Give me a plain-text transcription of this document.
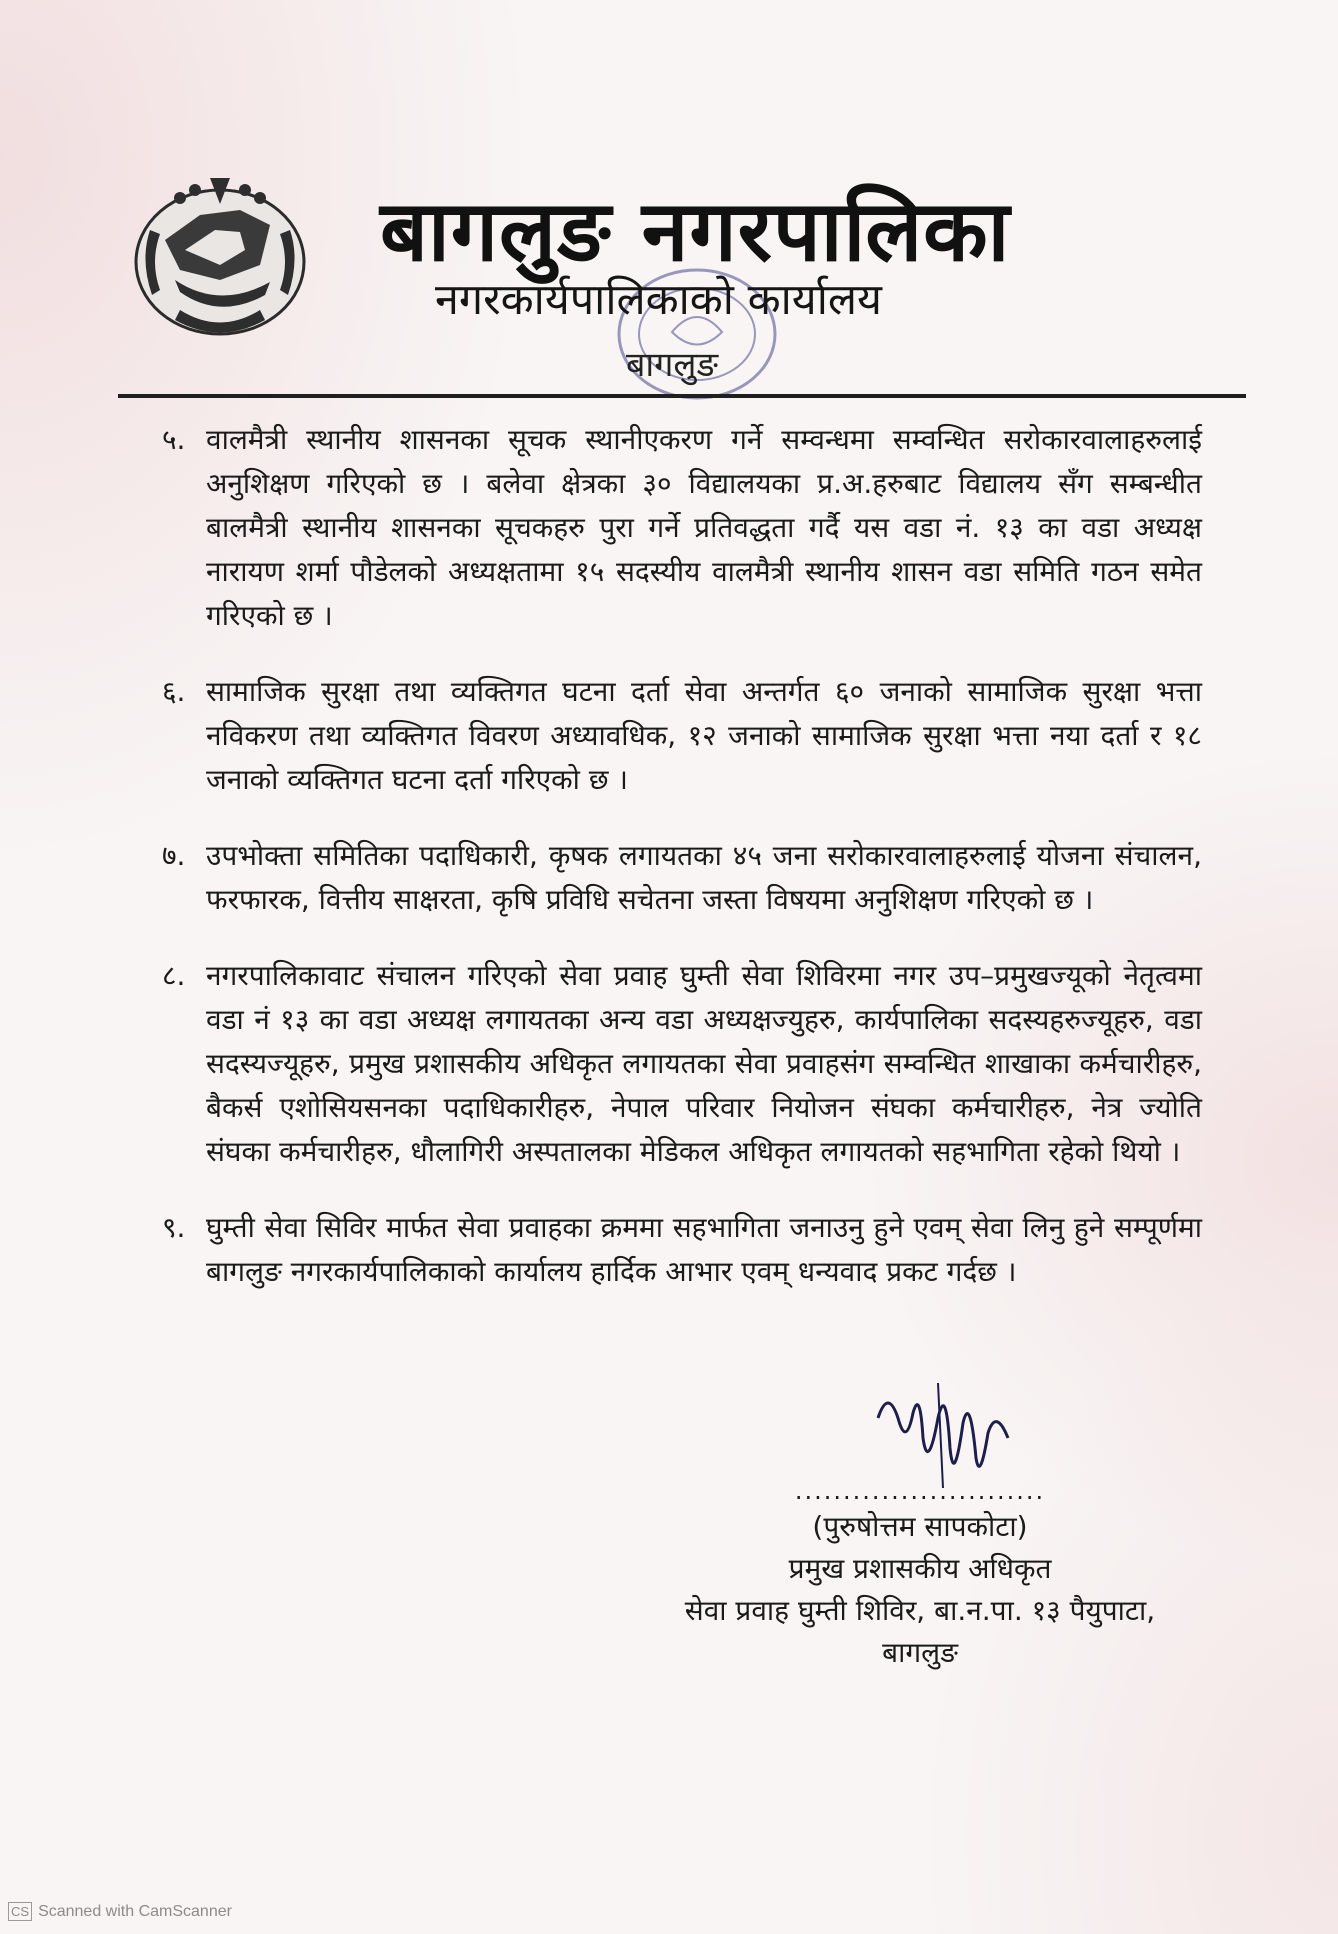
बागलुङ नगरपालिका
नगरकार्यपालिकाको कार्यालय
बागलुङ
५. वालमैत्री स्थानीय शासनका सूचक स्थानीएकरण गर्ने सम्वन्धमा सम्वन्धित सरोकारवालाहरुलाई अनुशिक्षण गरिएको छ । बलेवा क्षेत्रका ३० विद्यालयका प्र.अ.हरुबाट विद्यालय सँग सम्बन्धीत बालमैत्री स्थानीय शासनका सूचकहरु पुरा गर्ने प्रतिवद्धता गर्दै यस वडा नं. १३ का वडा अध्यक्ष नारायण शर्मा पौडेलको अध्यक्षतामा १५ सदस्यीय वालमैत्री स्थानीय शासन वडा समिति गठन समेत गरिएको छ ।
६. सामाजिक सुरक्षा तथा व्यक्तिगत घटना दर्ता सेवा अन्तर्गत ६० जनाको सामाजिक सुरक्षा भत्ता नविकरण तथा व्यक्तिगत विवरण अध्यावधिक, १२ जनाको सामाजिक सुरक्षा भत्ता नया दर्ता र १८ जनाको व्यक्तिगत घटना दर्ता गरिएको छ ।
७. उपभोक्ता समितिका पदाधिकारी, कृषक लगायतका ४५ जना सरोकारवालाहरुलाई योजना संचालन, फरफारक, वित्तीय साक्षरता, कृषि प्रविधि सचेतना जस्ता विषयमा अनुशिक्षण गरिएको छ ।
८. नगरपालिकावाट संचालन गरिएको सेवा प्रवाह घुम्ती सेवा शिविरमा नगर उप–प्रमुखज्यूको नेतृत्वमा वडा नं १३ का वडा अध्यक्ष लगायतका अन्य वडा अध्यक्षज्युहरु, कार्यपालिका सदस्यहरुज्यूहरु, वडा सदस्यज्यूहरु, प्रमुख प्रशासकीय अधिकृत लगायतका सेवा प्रवाहसंग सम्वन्धित शाखाका कर्मचारीहरु, बैकर्स एशोसियसनका पदाधिकारीहरु, नेपाल परिवार नियोजन संघका कर्मचारीहरु, नेत्र ज्योति संघका कर्मचारीहरु, धौलागिरी अस्पतालका मेडिकल अधिकृत लगायतको सहभागिता रहेको थियो ।
९. घुम्ती सेवा सिविर मार्फत सेवा प्रवाहका क्रममा सहभागिता जनाउनु हुने एवम् सेवा लिनु हुने सम्पूर्णमा बागलुङ नगरकार्यपालिकाको कार्यालय हार्दिक आभार एवम् धन्यवाद प्रकट गर्दछ ।
..........................
(पुरुषोत्तम सापकोटा)
प्रमुख प्रशासकीय अधिकृत
सेवा प्रवाह घुम्ती शिविर, बा.न.पा. १३ पैयुपाटा,
बागलुङ
CS Scanned with CamScanner
